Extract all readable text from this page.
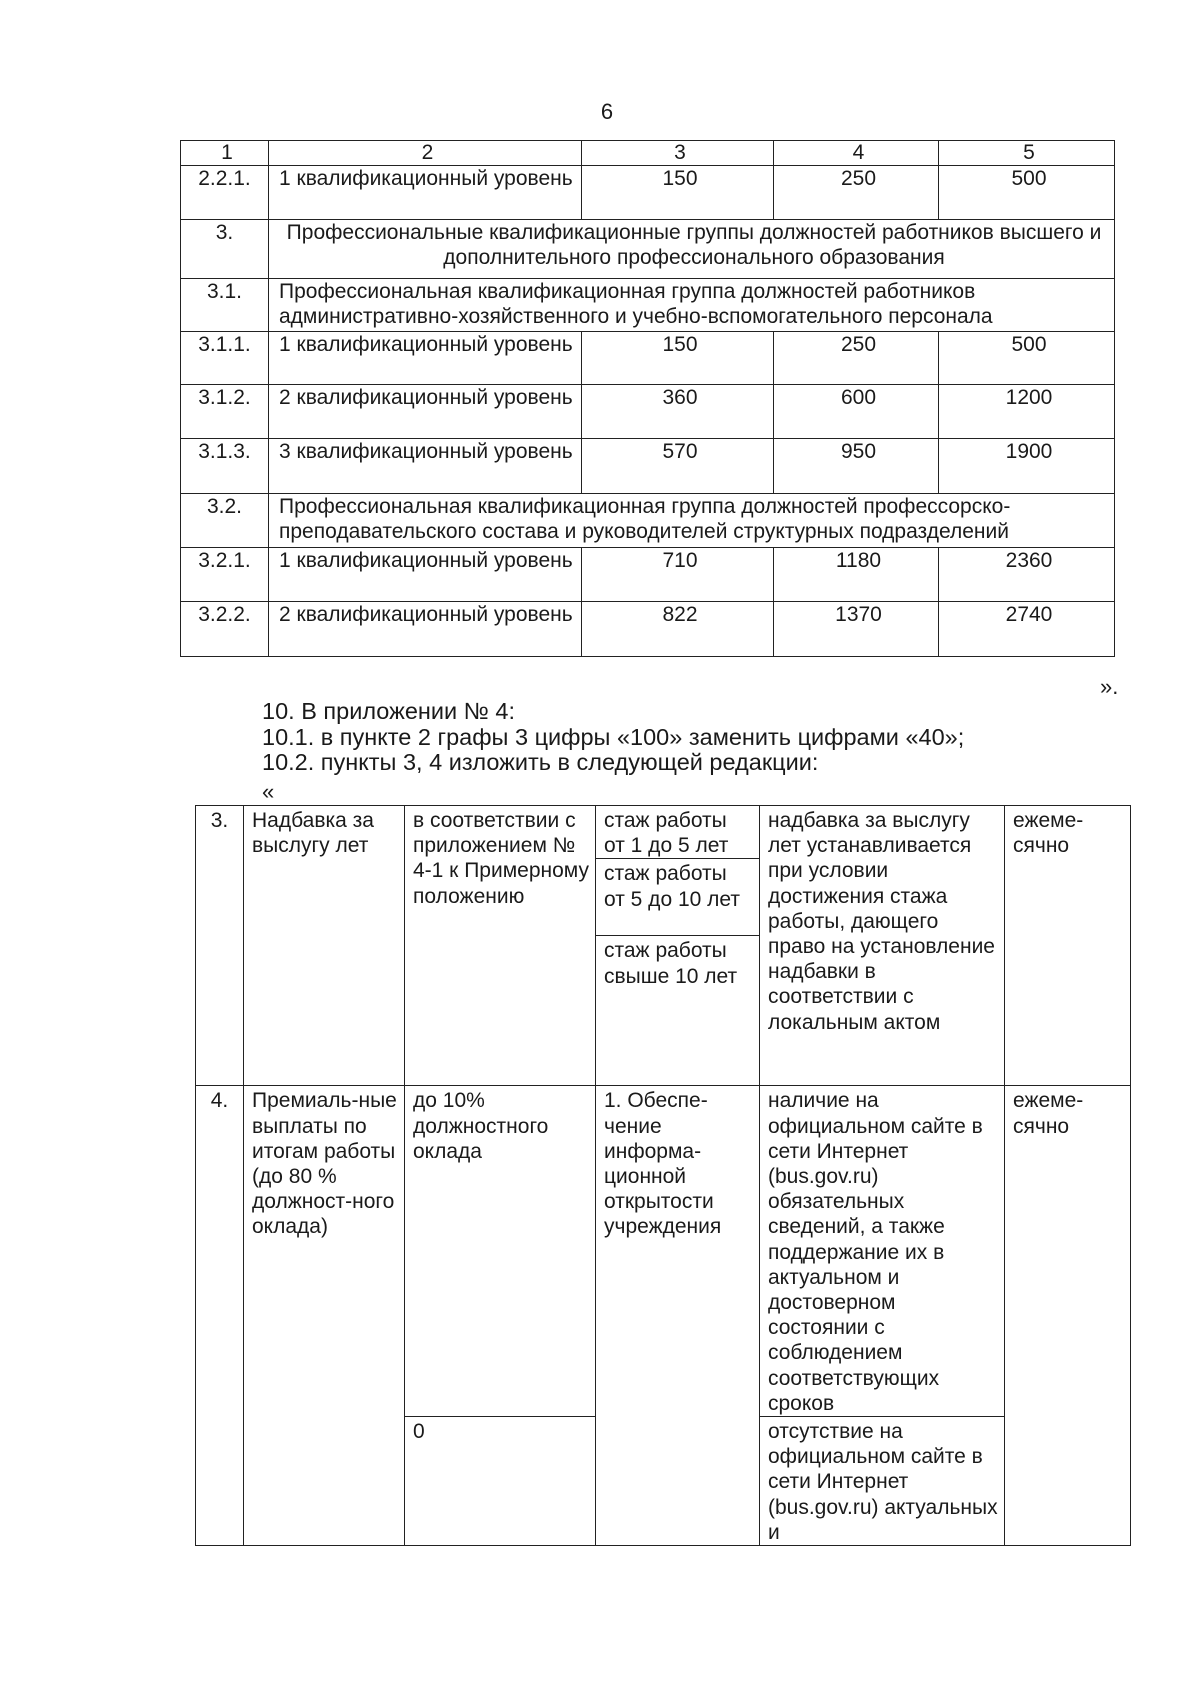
6
1	2	3	4	5
2.2.1.	1 квалификационный уровень	150	250	500
3.	Профессиональные квалификационные группы должностей работников высшего и дополнительного профессионального образования			
3.1.	Профессиональная квалификационная группа должностей работников административно-хозяйственного и учебно-вспомогательного персонала			
3.1.1.	1 квалификационный уровень	150	250	500
3.1.2.	2 квалификационный уровень	360	600	1200
3.1.3.	3 квалификационный уровень	570	950	1900
3.2.	Профессиональная квалификационная группа должностей профессорско-преподавательского состава и руководителей структурных подразделений			
3.2.1.	1 квалификационный уровень	710	1180	2360
3.2.2.	2 квалификационный уровень	822	1370	2740
».

10. В приложении № 4:

10.1. в пункте 2 графы 3 цифры «100» заменить цифрами «40»;

10.2. пункты 3, 4 изложить в следующей редакции:

«
3.	Надбавка за выслугу лет	в соответствии с приложением № 4-1 к Примерному положению	стаж работы от 1 до 5 лет	надбавка за выслугу лет устанавливается при условии достижения стажа работы, дающего право на установление надбавки в соответствии с локальным актом	ежеме-сячно
			стаж работы от 5 до 10 лет		
			стаж работы свыше 10 лет		
4.	Премиаль-ные выплаты по итогам работы (до 80 % должност-ного оклада)	до 10% должностного оклада	1. Обеспе-чение информа-ционной открытости учреждения	наличие на официальном сайте в сети Интернет (bus.gov.ru) обязательных сведений, а также поддержание их в актуальном и достоверном состоянии с соблюдением соответствующих сроков	ежеме-сячно
		0		отсутствие на официальном сайте в сети Интернет (bus.gov.ru) актуальных и	
